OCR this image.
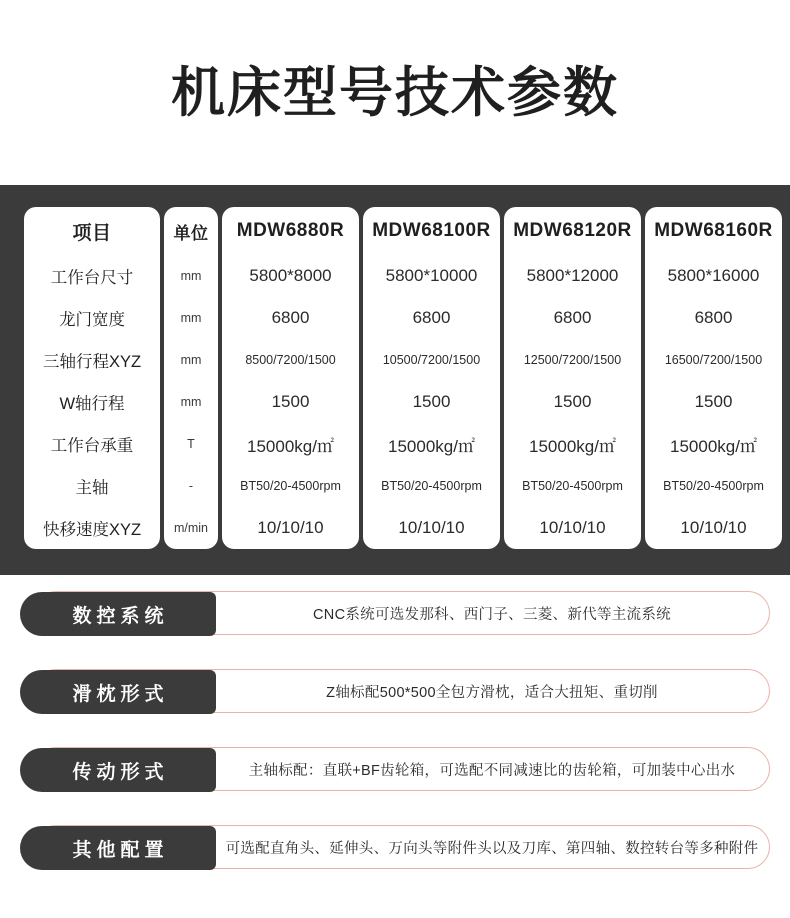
机床型号技术参数
项目	单位	MDW6880R	MDW68100R	MDW68120R	MDW68160R
工作台尺寸	mm	5800*8000	5800*10000	5800*12000	5800*16000
龙门宽度	mm	6800	6800	6800	6800
三轴行程XYZ	mm	8500/7200/1500	10500/7200/1500	12500/7200/1500	16500/7200/1500
W轴行程	mm	1500	1500	1500	1500
工作台承重	T	15000kg/㎡	15000kg/㎡	15000kg/㎡	15000kg/㎡
主轴	-	BT50/20-4500rpm	BT50/20-4500rpm	BT50/20-4500rpm	BT50/20-4500rpm
快移速度XYZ	m/min	10/10/10	10/10/10	10/10/10	10/10/10
CNC系统可选发那科、西门子、三菱、新代等主流系统
数控系统
Z轴标配500*500全包方滑枕，适合大扭矩、重切削
滑枕形式
主轴标配：直联+BF齿轮箱，可选配不同减速比的齿轮箱，可加装中心出水
传动形式
可选配直角头、延伸头、万向头等附件头以及刀库、第四轴、数控转台等多种附件
其他配置
